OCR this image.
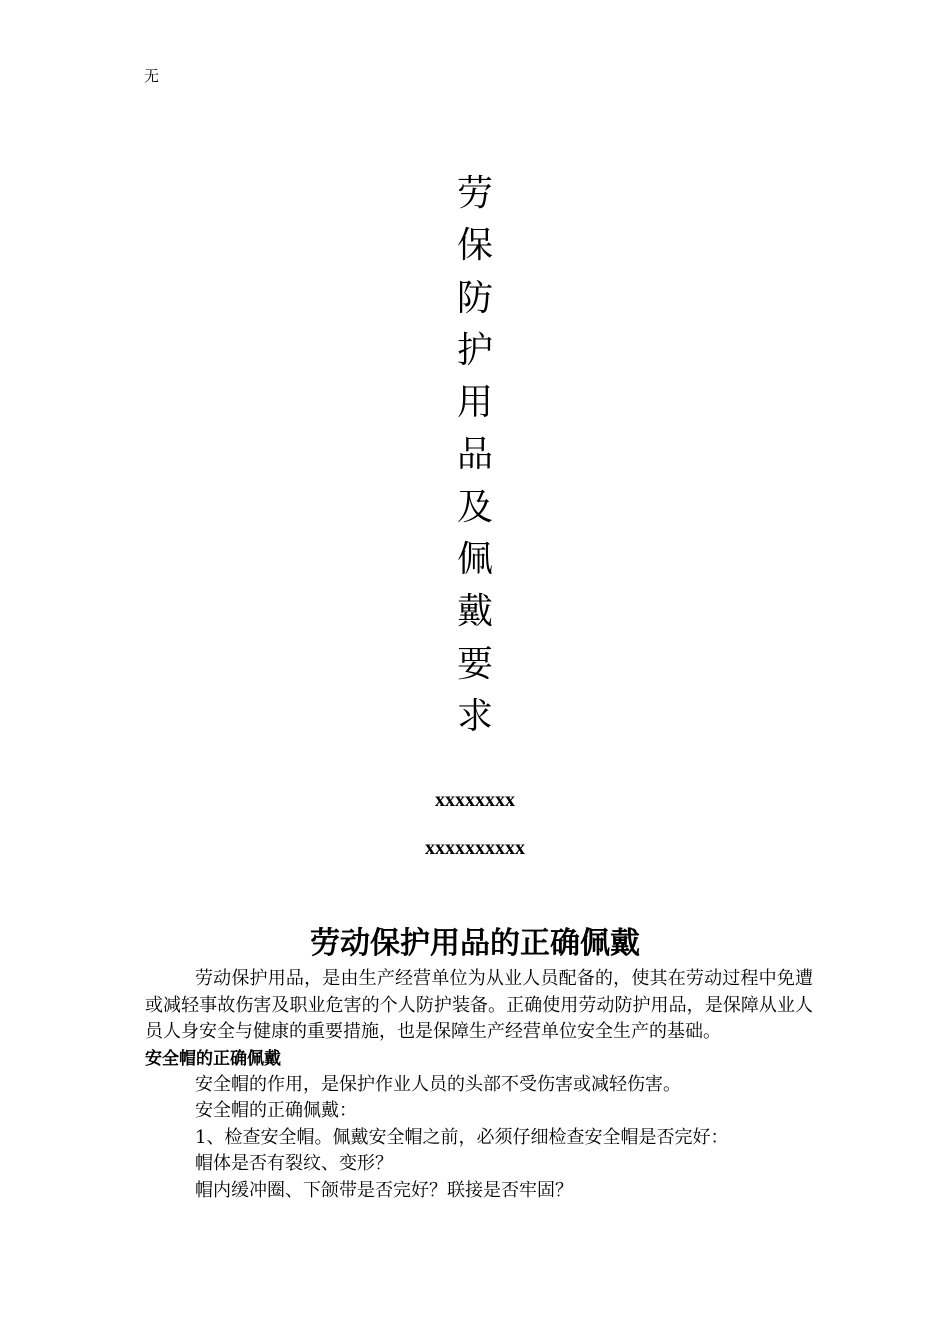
无
劳保防护用品及佩戴要求
xxxxxxxx
xxxxxxxxxx
劳动保护用品的正确佩戴

劳动保护用品，是由生产经营单位为从业人员配备的，使其在劳动过程中免遭或减轻事故伤害及职业危害的个人防护装备。正确使用劳动防护用品，是保障从业人员人身安全与健康的重要措施，也是保障生产经营单位安全生产的基础。

安全帽的正确佩戴

安全帽的作用，是保护作业人员的头部不受伤害或减轻伤害。

安全帽的正确佩戴：

1、检查安全帽。佩戴安全帽之前，必须仔细检查安全帽是否完好：

帽体是否有裂纹、变形？

帽内缓冲圈、下颌带是否完好？联接是否牢固？
